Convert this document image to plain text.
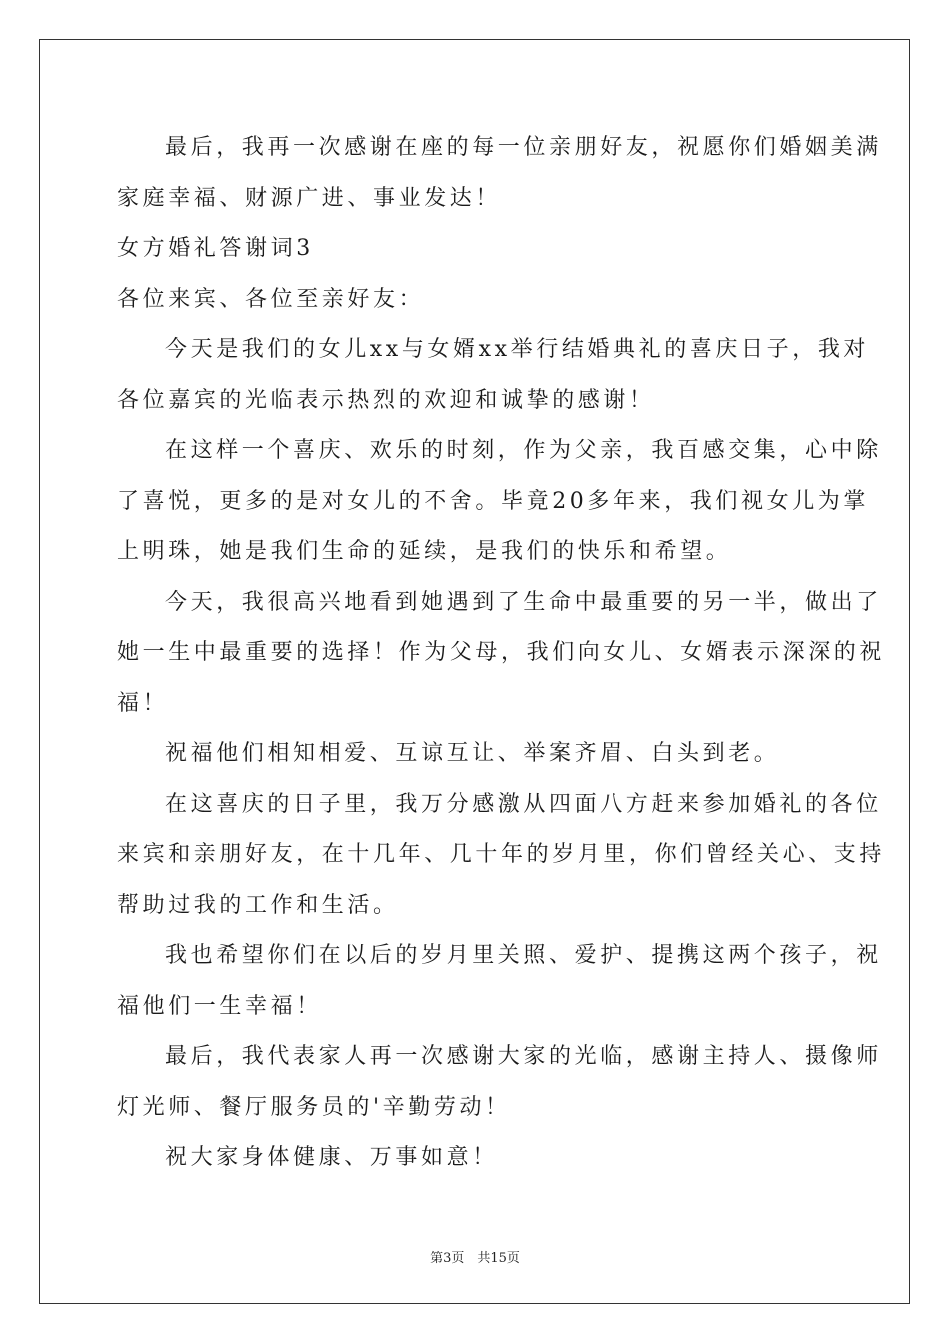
最后，我再一次感谢在座的每一位亲朋好友，祝愿你们婚姻美满
家庭幸福、财源广进、事业发达！
女方婚礼答谢词3
各位来宾、各位至亲好友：
今天是我们的女儿xx与女婿xx举行结婚典礼的喜庆日子，我对
各位嘉宾的光临表示热烈的欢迎和诚挚的感谢！
在这样一个喜庆、欢乐的时刻，作为父亲，我百感交集，心中除
了喜悦，更多的是对女儿的不舍。毕竟20多年来，我们视女儿为掌
上明珠，她是我们生命的延续，是我们的快乐和希望。
今天，我很高兴地看到她遇到了生命中最重要的另一半，做出了
她一生中最重要的选择！作为父母，我们向女儿、女婿表示深深的祝
福！
祝福他们相知相爱、互谅互让、举案齐眉、白头到老。
在这喜庆的日子里，我万分感激从四面八方赶来参加婚礼的各位
来宾和亲朋好友，在十几年、几十年的岁月里，你们曾经关心、支持
帮助过我的工作和生活。
我也希望你们在以后的岁月里关照、爱护、提携这两个孩子，祝
福他们一生幸福！
最后，我代表家人再一次感谢大家的光临，感谢主持人、摄像师
灯光师、餐厅服务员的'辛勤劳动！
祝大家身体健康、万事如意！
第3页　共15页
